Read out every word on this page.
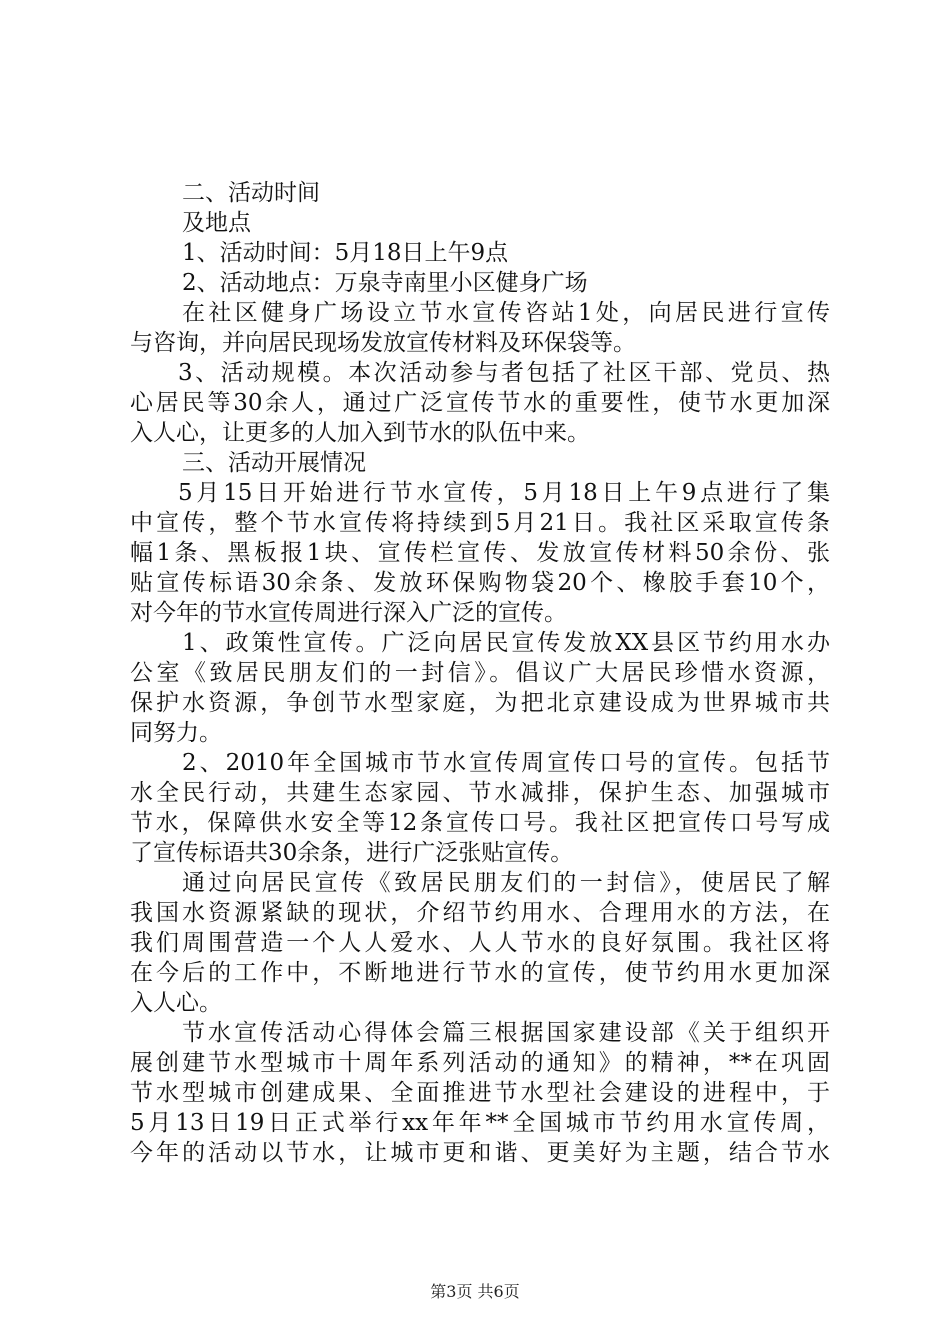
二、活动时间
及地点
1、活动时间：5月18日上午9点
2、活动地点：万泉寺南里小区健身广场
在社区健身广场设立节水宣传咨站1处，向居民进行宣传
与咨询，并向居民现场发放宣传材料及环保袋等。
3、活动规模。本次活动参与者包括了社区干部、党员、热
心居民等30余人，通过广泛宣传节水的重要性，使节水更加深
入人心，让更多的人加入到节水的队伍中来。
三、活动开展情况
5月15日开始进行节水宣传，5月18日上午9点进行了集
中宣传，整个节水宣传将持续到5月21日。我社区采取宣传条
幅1条、黑板报1块、宣传栏宣传、发放宣传材料50余份、张
贴宣传标语30余条、发放环保购物袋20个、橡胶手套10个，
对今年的节水宣传周进行深入广泛的宣传。
1、政策性宣传。广泛向居民宣传发放XX县区节约用水办
公室《致居民朋友们的一封信》。倡议广大居民珍惜水资源，
保护水资源，争创节水型家庭，为把北京建设成为世界城市共
同努力。
2、2010年全国城市节水宣传周宣传口号的宣传。包括节
水全民行动，共建生态家园、节水减排，保护生态、加强城市
节水，保障供水安全等12条宣传口号。我社区把宣传口号写成
了宣传标语共30余条，进行广泛张贴宣传。
通过向居民宣传《致居民朋友们的一封信》，使居民了解
我国水资源紧缺的现状，介绍节约用水、合理用水的方法，在
我们周围营造一个人人爱水、人人节水的良好氛围。我社区将
在今后的工作中，不断地进行节水的宣传，使节约用水更加深
入人心。
节水宣传活动心得体会篇三根据国家建设部《关于组织开
展创建节水型城市十周年系列活动的通知》的精神，**在巩固
节水型城市创建成果、全面推进节水型社会建设的进程中，于
5月13日19日正式举行xx年年**全国城市节约用水宣传周，
今年的活动以节水，让城市更和谐、更美好为主题，结合节水
第3页 共6页
